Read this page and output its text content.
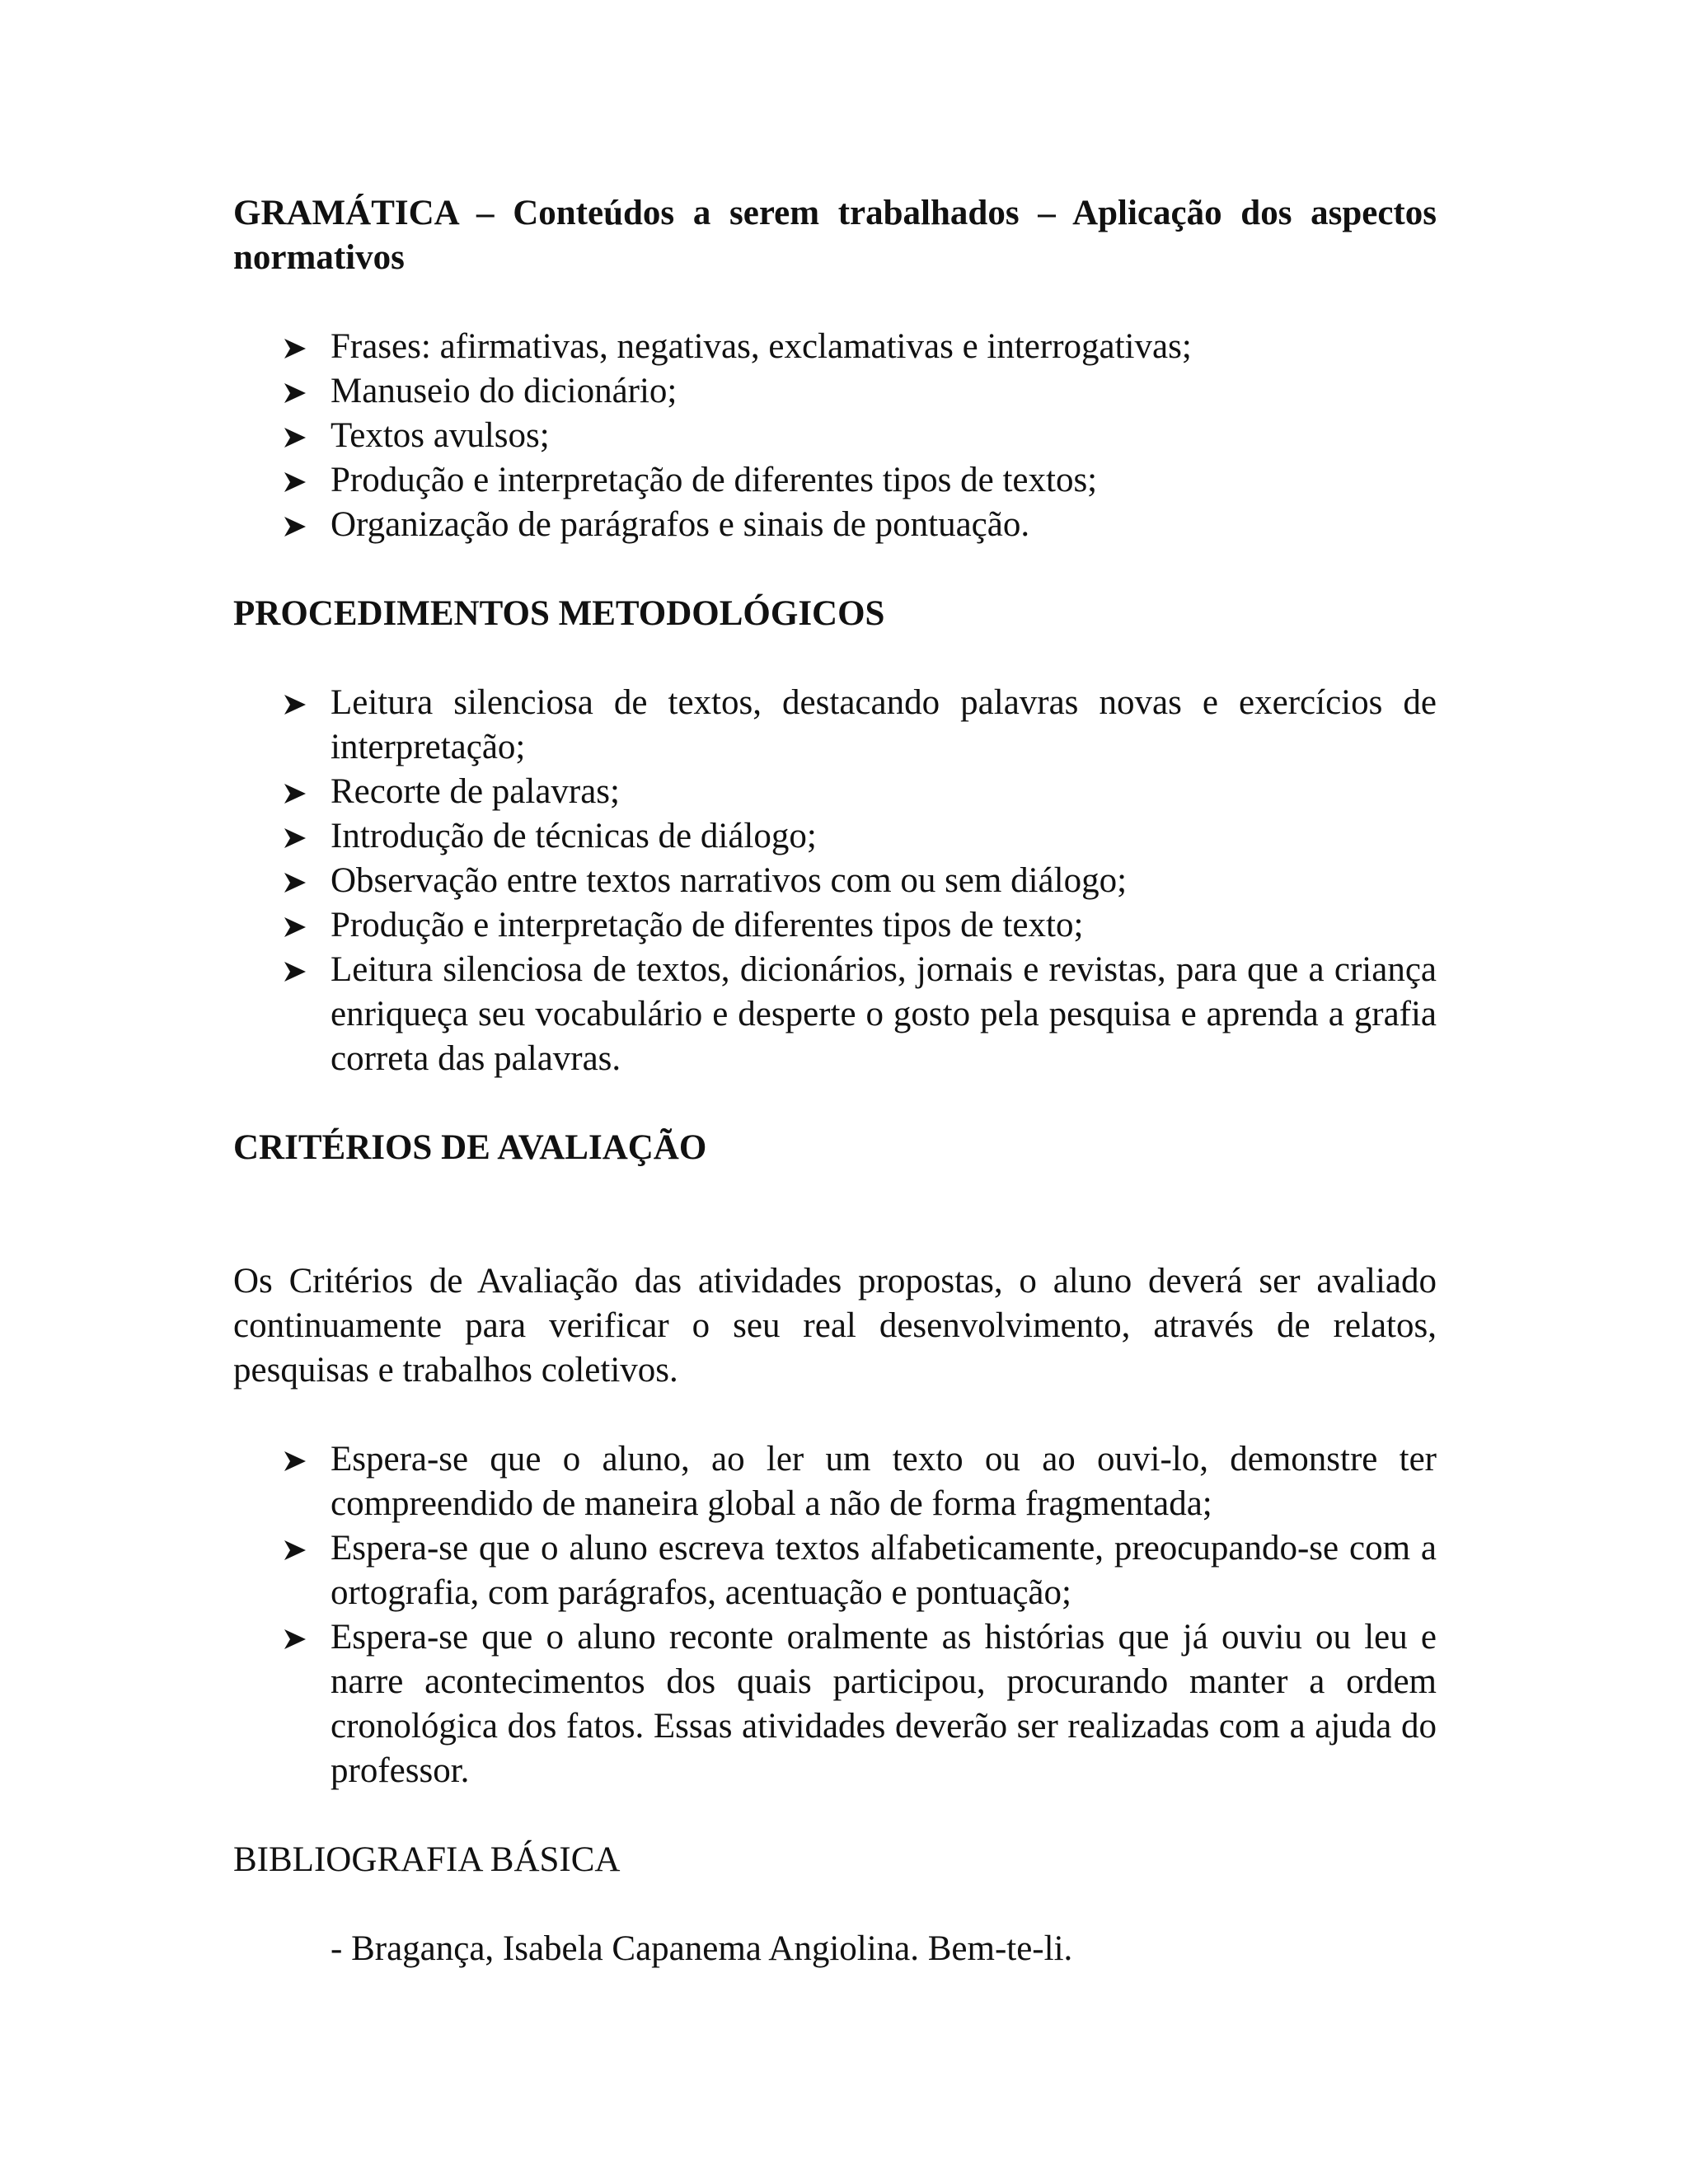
GRAMÁTICA – Conteúdos a serem trabalhados – Aplicação dos aspectos normativos

Frases: afirmativas, negativas, exclamativas e interrogativas;
Manuseio do dicionário;
Textos avulsos;
Produção e interpretação de diferentes tipos de textos;
Organização de parágrafos e sinais de pontuação.

PROCEDIMENTOS METODOLÓGICOS

Leitura silenciosa de textos, destacando palavras novas e exercícios de interpretação;
Recorte de palavras;
Introdução de técnicas de diálogo;
Observação entre textos narrativos com ou sem diálogo;
Produção e interpretação de diferentes tipos de texto;
Leitura silenciosa de textos, dicionários, jornais e revistas, para que a criança enriqueça seu vocabulário e desperte o gosto pela pesquisa e aprenda a grafia correta das palavras.

CRITÉRIOS DE AVALIAÇÃO

Os Critérios de Avaliação das atividades propostas, o aluno deverá ser avaliado continuamente para verificar o seu real desenvolvimento, através de relatos, pesquisas e trabalhos coletivos.

Espera-se que o aluno, ao ler um texto ou ao ouvi-lo, demonstre ter compreendido de maneira global a não de forma fragmentada;
Espera-se que o aluno escreva textos alfabeticamente, preocupando-se com a ortografia, com parágrafos, acentuação e pontuação;
Espera-se que o aluno reconte oralmente as histórias que já ouviu ou leu e narre acontecimentos dos quais participou, procurando manter a ordem cronológica dos fatos. Essas atividades deverão ser realizadas com a ajuda do professor.

BIBLIOGRAFIA BÁSICA

- Bragança, Isabela Capanema Angiolina. Bem-te-li.
